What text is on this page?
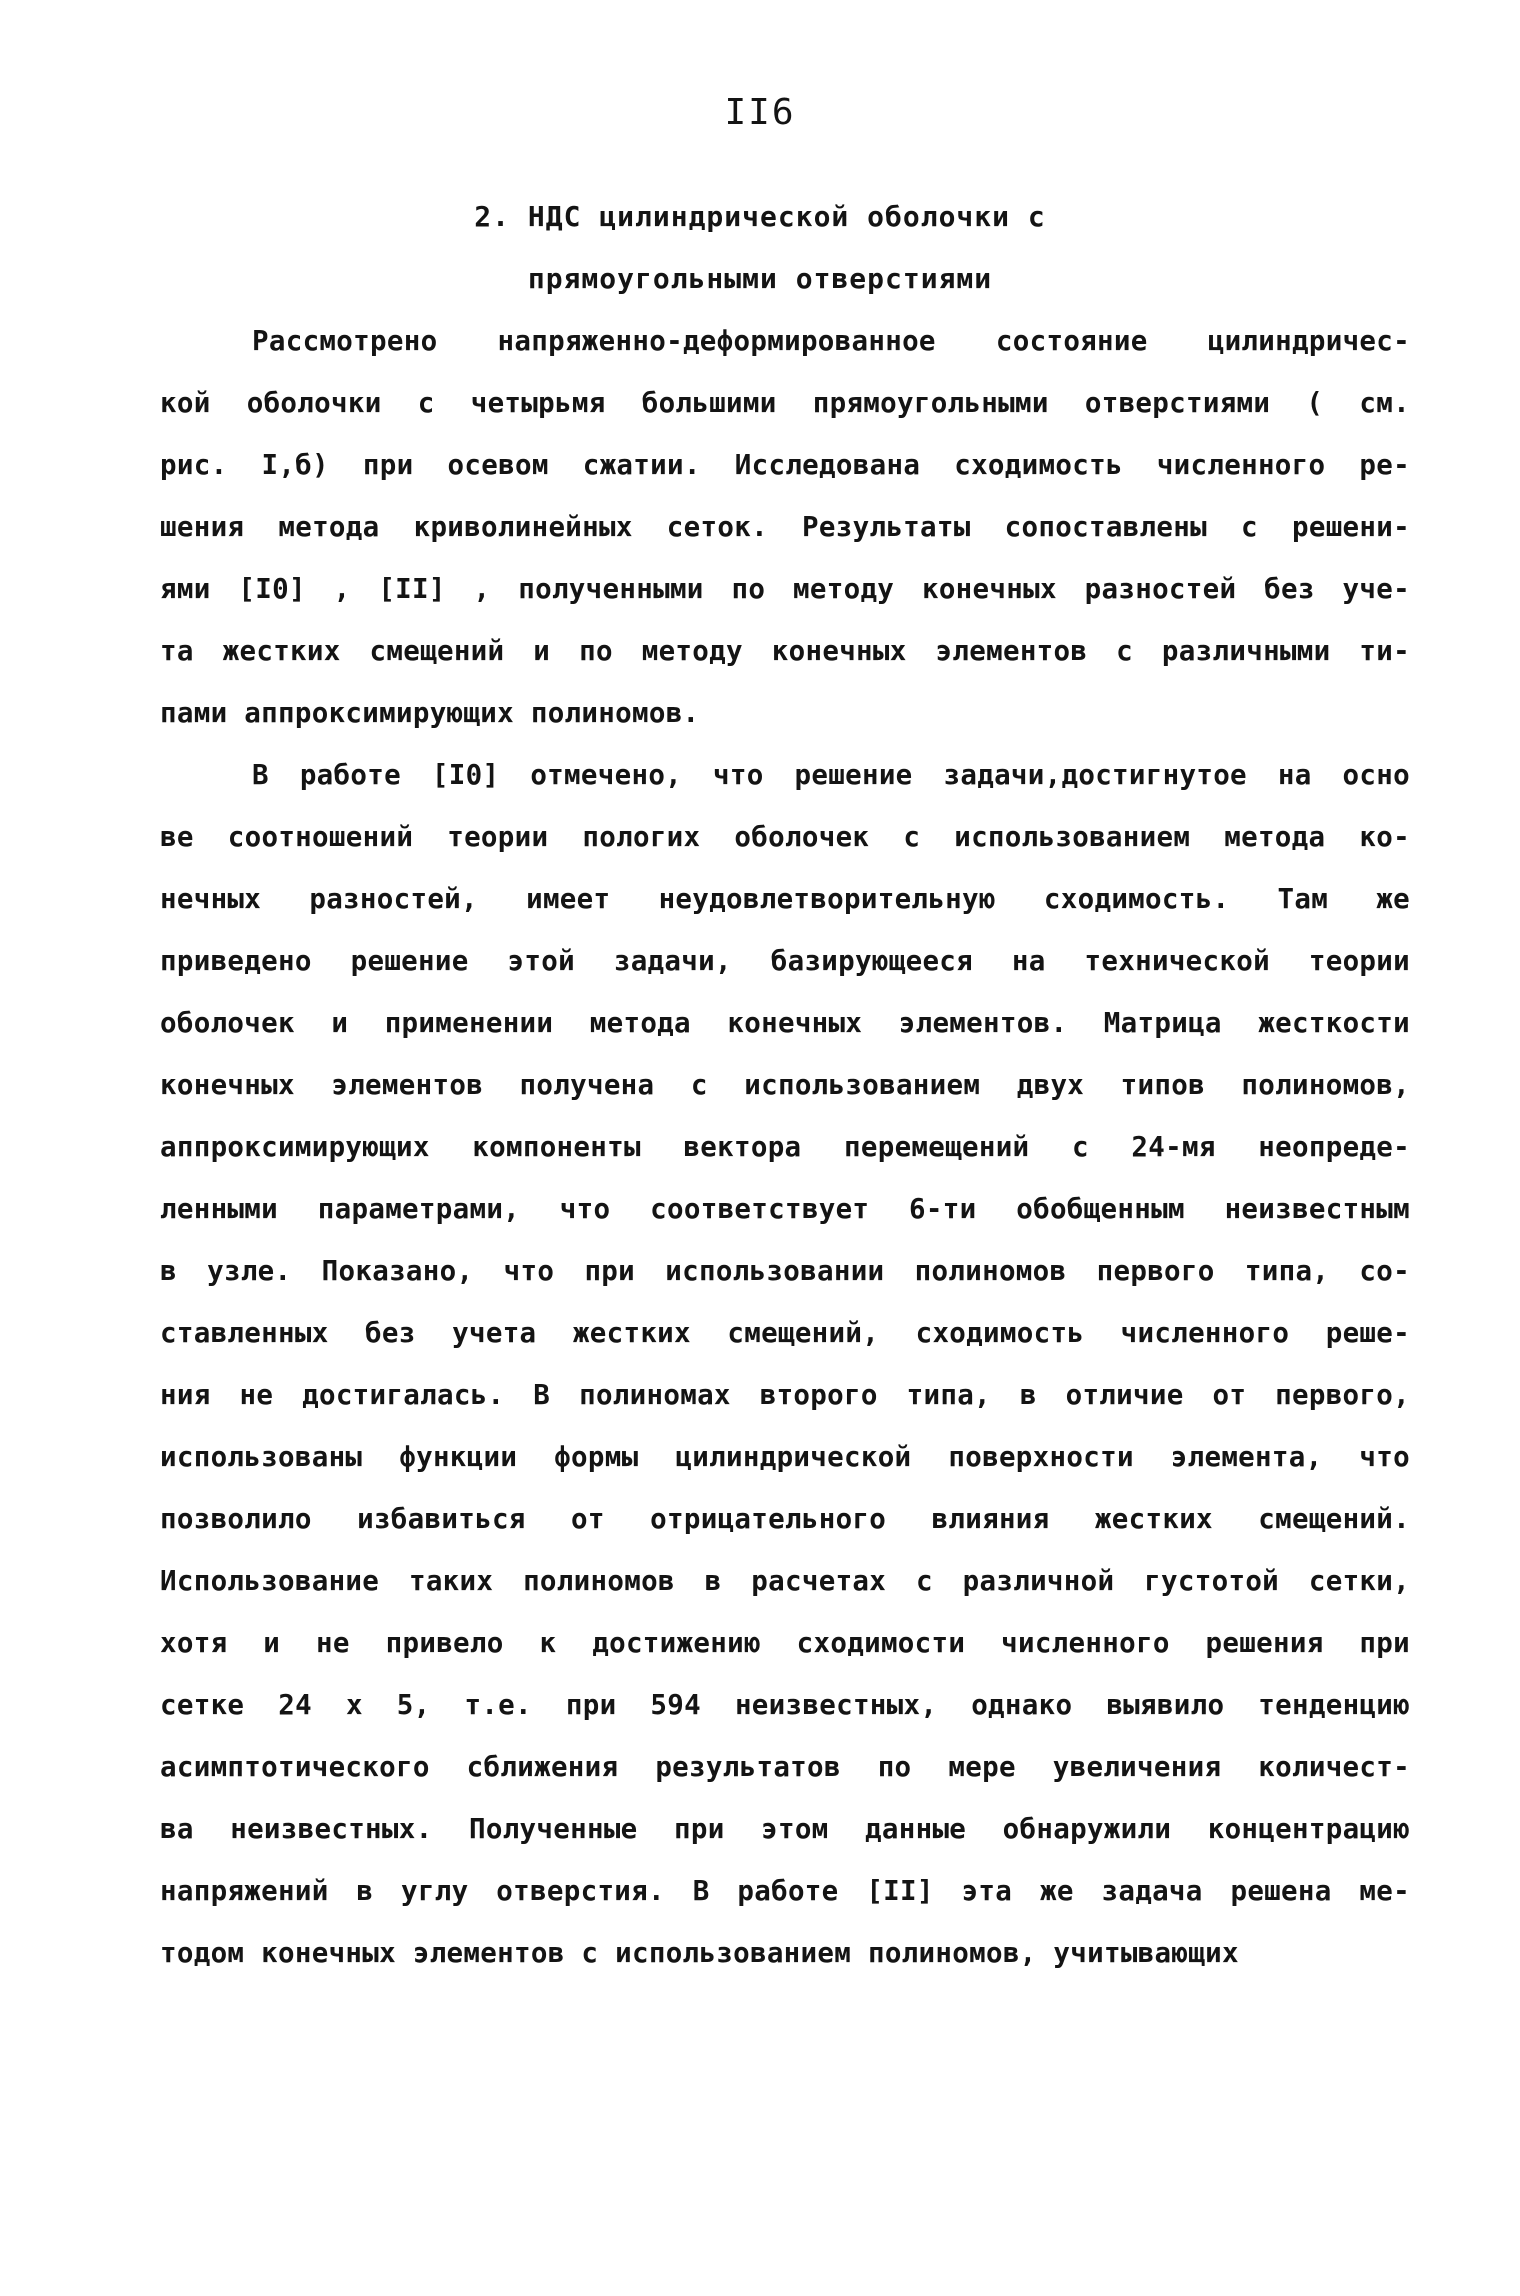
II6
2. НДС цилиндрической оболочки с
прямоугольными отверстиями
Рассмотрено напряженно-деформированное состояние цилиндричес-
кой оболочки с четырьмя большими прямоугольными отверстиями ( см.
рис. I,б) при осевом сжатии. Исследована сходимость численного ре-
шения метода криволинейных сеток. Результаты сопоставлены с решени-
ями [I0] , [II] , полученными по методу конечных разностей без уче-
та жестких смещений и по методу конечных элементов с различными ти-
пами аппроксимирующих полиномов.
В работе [I0] отмечено, что решение задачи,достигнутое на осно
ве соотношений теории пологих оболочек с использованием метода ко-
нечных разностей, имеет неудовлетворительную сходимость. Там же
приведено решение этой задачи, базирующееся на технической теории
оболочек и применении метода конечных элементов. Матрица жесткости
конечных элементов получена с использованием двух типов полиномов,
аппроксимирующих компоненты вектора перемещений с 24-мя неопреде-
ленными параметрами, что соответствует 6-ти обобщенным неизвестным
в узле. Показано, что при использовании полиномов первого типа, со-
ставленных без учета жестких смещений, сходимость численного реше-
ния не достигалась. В полиномах второго типа, в отличие от первого,
использованы функции формы цилиндрической поверхности элемента, что
позволило избавиться от отрицательного влияния жестких смещений.
Использование таких полиномов в расчетах с различной густотой сетки,
хотя и не привело к достижению сходимости численного решения при
сетке 24 х 5, т.е. при 594 неизвестных, однако выявило тенденцию
асимптотического сближения результатов по мере увеличения количест-
ва неизвестных. Полученные при этом данные обнаружили концентрацию
напряжений в углу отверстия. В работе [II] эта же задача решена ме-
тодом конечных элементов с использованием полиномов, учитывающих
